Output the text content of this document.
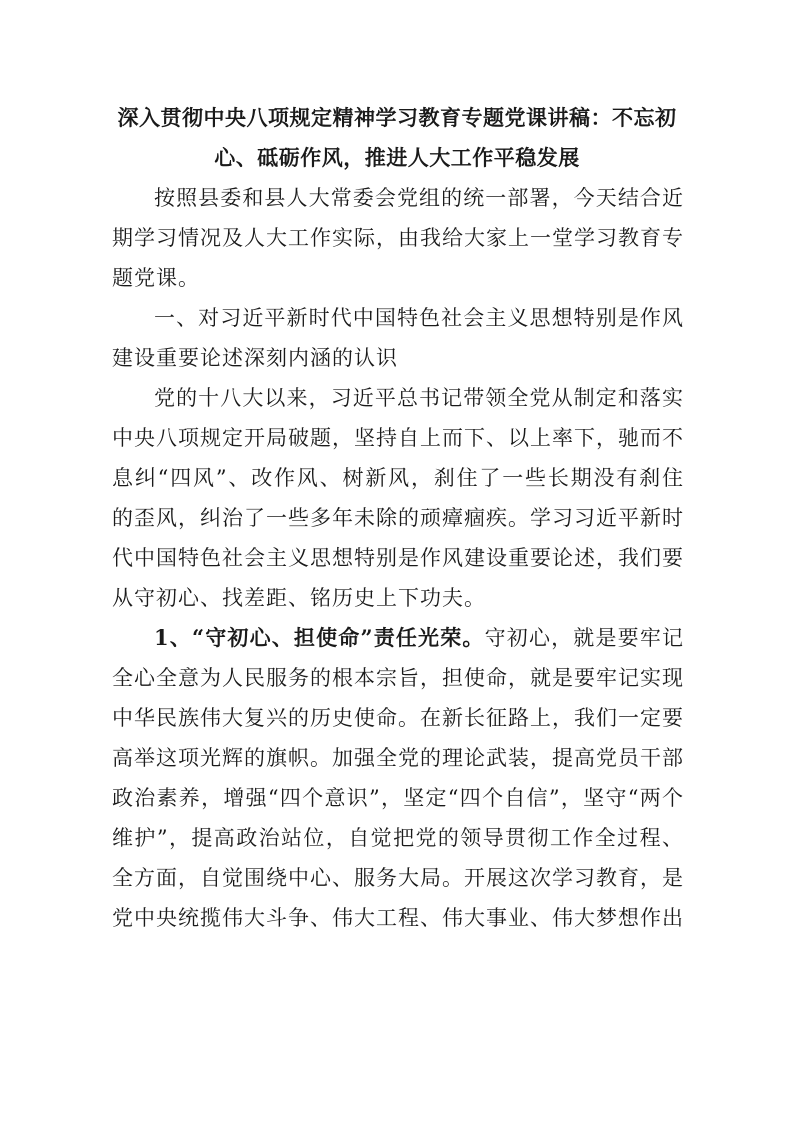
深入贯彻中央八项规定精神学习教育专题党课讲稿：不忘初心、砥砺作风，推进人大工作平稳发展

按照县委和县人大常委会党组的统一部署，今天结合近期学习情况及人大工作实际，由我给大家上一堂学习教育专题党课。

一、对习近平新时代中国特色社会主义思想特别是作风建设重要论述深刻内涵的认识

党的十八大以来，习近平总书记带领全党从制定和落实中央八项规定开局破题，坚持自上而下、以上率下，驰而不息纠“四风”、改作风、树新风，刹住了一些长期没有刹住的歪风，纠治了一些多年未除的顽瘴痼疾。学习习近平新时代中国特色社会主义思想特别是作风建设重要论述，我们要从守初心、找差距、铭历史上下功夫。

1、“守初心、担使命”责任光荣。守初心，就是要牢记全心全意为人民服务的根本宗旨，担使命，就是要牢记实现中华民族伟大复兴的历史使命。在新长征路上，我们一定要高举这项光辉的旗帜。加强全党的理论武装，提高党员干部政治素养，增强“四个意识”，坚定“四个自信”，坚守“两个维护”，提高政治站位，自觉把党的领导贯彻工作全过程、全方面，自觉围绕中心、服务大局。开展这次学习教育，是党中央统揽伟大斗争、伟大工程、伟大事业、伟大梦想作出
